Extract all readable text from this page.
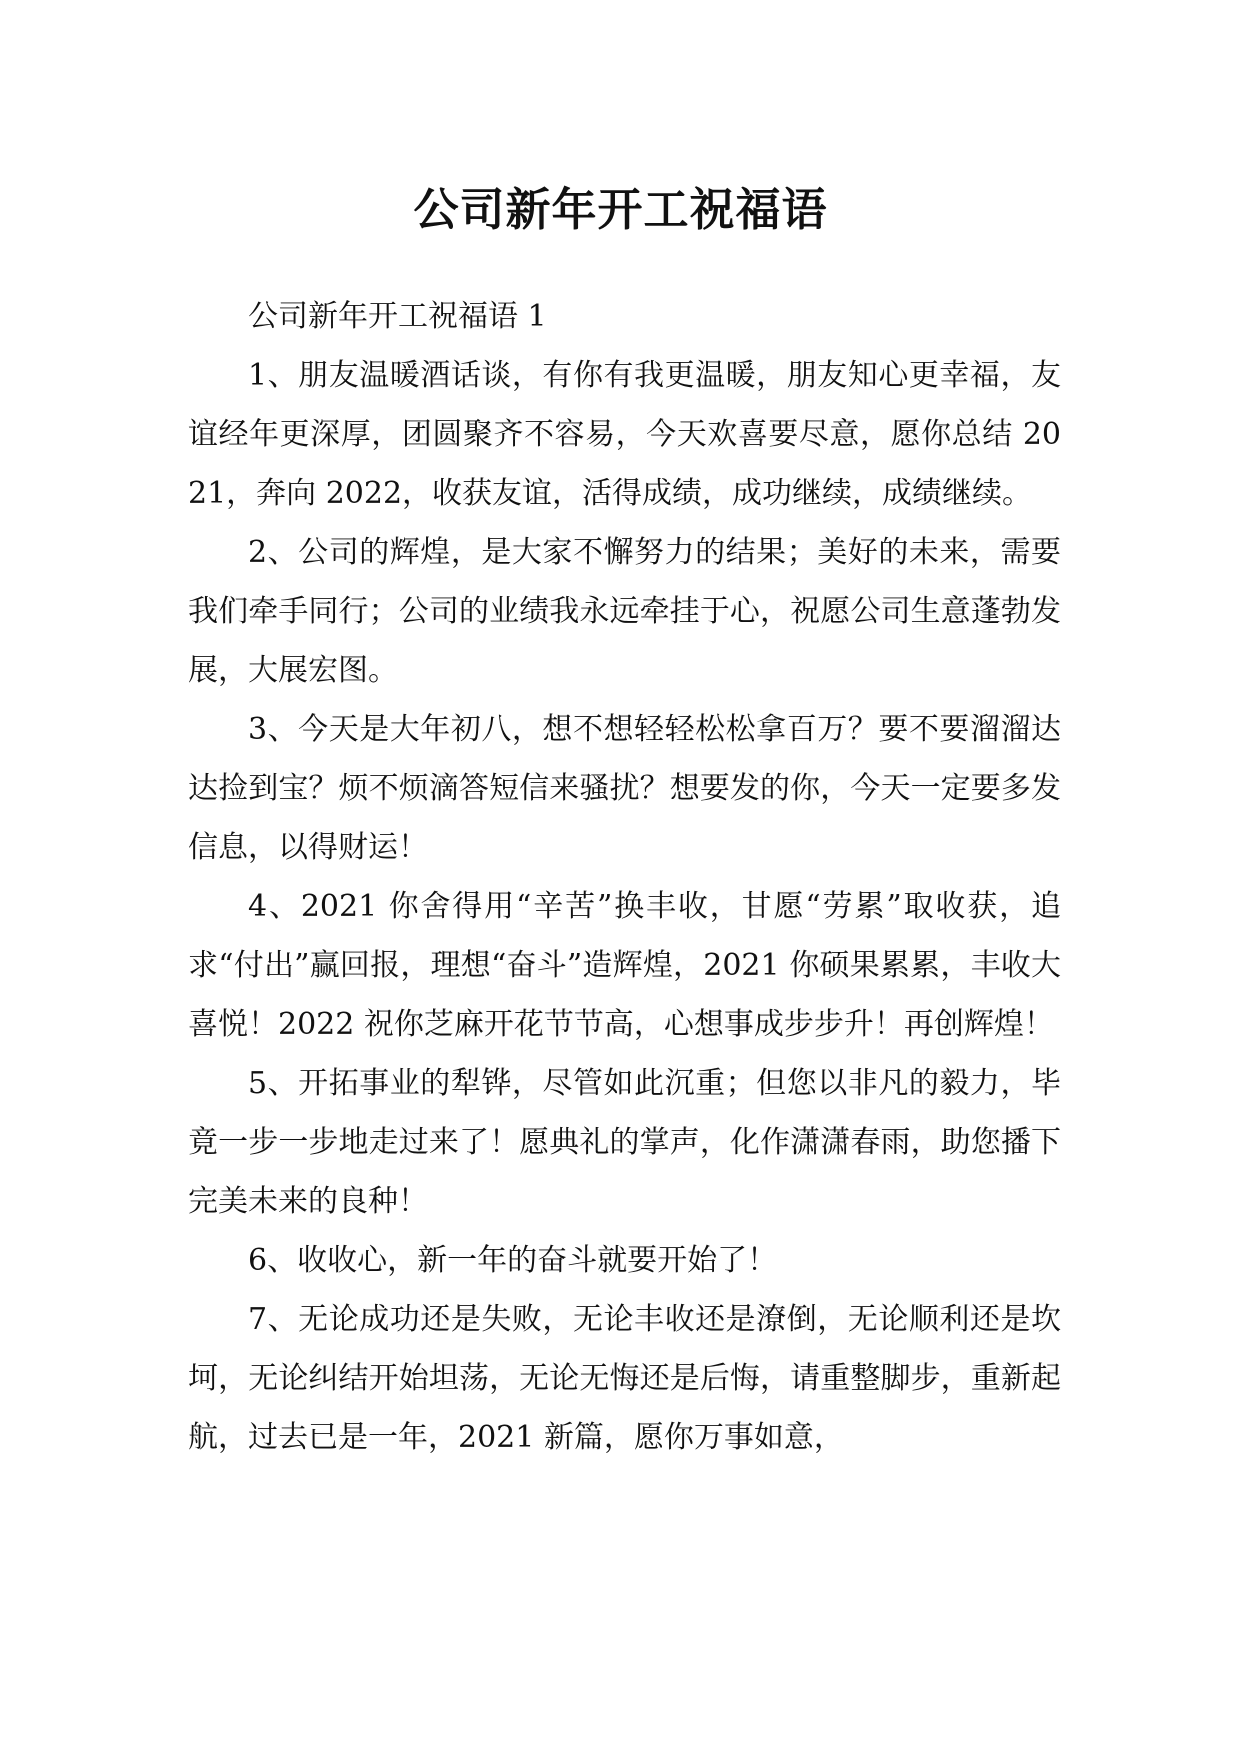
公司新年开工祝福语

公司新年开工祝福语 1

1、朋友温暖酒话谈，有你有我更温暖，朋友知心更幸福，友谊经年更深厚，团圆聚齐不容易，今天欢喜要尽意，愿你总结 2021，奔向 2022，收获友谊，活得成绩，成功继续，成绩继续。

2、公司的辉煌，是大家不懈努力的结果；美好的未来，需要我们牵手同行；公司的业绩我永远牵挂于心，祝愿公司生意蓬勃发展，大展宏图。

3、今天是大年初八，想不想轻轻松松拿百万？要不要溜溜达达捡到宝？烦不烦滴答短信来骚扰？想要发的你，今天一定要多发信息，以得财运！

4、2021 你舍得用“辛苦”换丰收，甘愿“劳累”取收获，追求“付出”赢回报，理想“奋斗”造辉煌，2021 你硕果累累，丰收大喜悦！2022 祝你芝麻开花节节高，心想事成步步升！再创辉煌！

5、开拓事业的犁铧，尽管如此沉重；但您以非凡的毅力，毕竟一步一步地走过来了！愿典礼的掌声，化作潇潇春雨，助您播下完美未来的良种！

6、收收心，新一年的奋斗就要开始了！

7、无论成功还是失败，无论丰收还是潦倒，无论顺利还是坎坷，无论纠结开始坦荡，无论无悔还是后悔，请重整脚步，重新起航，过去已是一年，2021 新篇，愿你万事如意，
